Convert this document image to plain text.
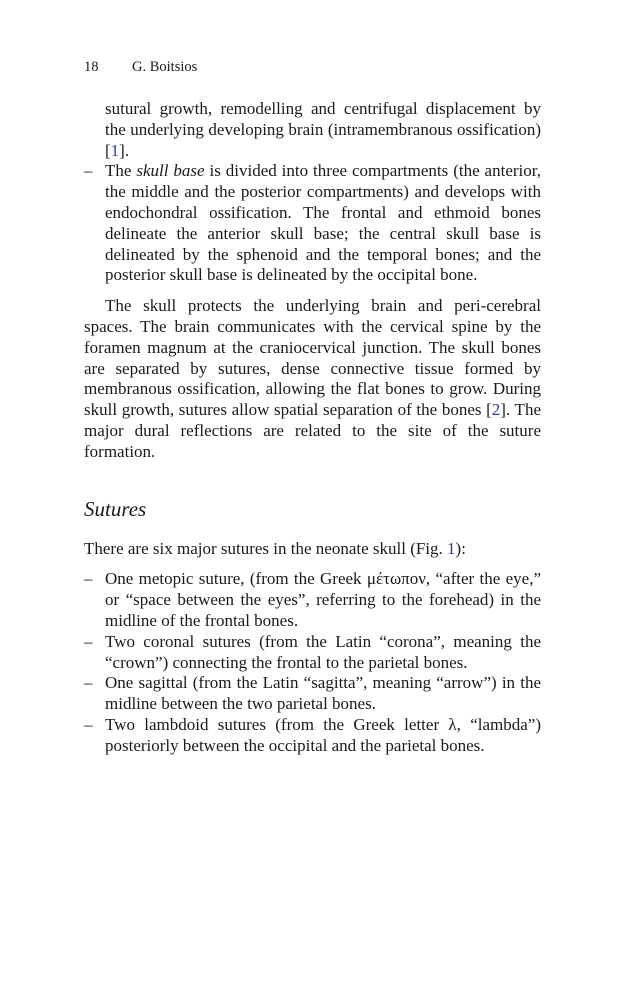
18 G. Boitsios

sutural growth, remodelling and centrifugal displacement by the underlying developing brain (intramembranous ossification) [1].

– The skull base is divided into three compartments (the anterior, the middle and the posterior compartments) and develops with endochondral ossification. The frontal and ethmoid bones delineate the anterior skull base; the central skull base is delineated by the sphenoid and the temporal bones; and the posterior skull base is delineated by the occipital bone.

The skull protects the underlying brain and peri-cerebral spaces. The brain communicates with the cervical spine by the foramen magnum at the craniocervical junction. The skull bones are separated by sutures, dense connective tissue formed by membranous ossification, allowing the flat bones to grow. During skull growth, sutures allow spatial separation of the bones [2]. The major dural reflections are related to the site of the suture formation.

Sutures

There are six major sutures in the neonate skull (Fig. 1):

– One metopic suture, (from the Greek μέτωπον, “after the eye,” or “space between the eyes”, referring to the forehead) in the midline of the frontal bones.

– Two coronal sutures (from the Latin “corona”, meaning the “crown”) connecting the frontal to the parietal bones.

– One sagittal (from the Latin “sagitta”, meaning “arrow”) in the midline between the two parietal bones.

– Two lambdoid sutures (from the Greek letter λ, “lambda”) posteriorly between the occipital and the parietal bones.
